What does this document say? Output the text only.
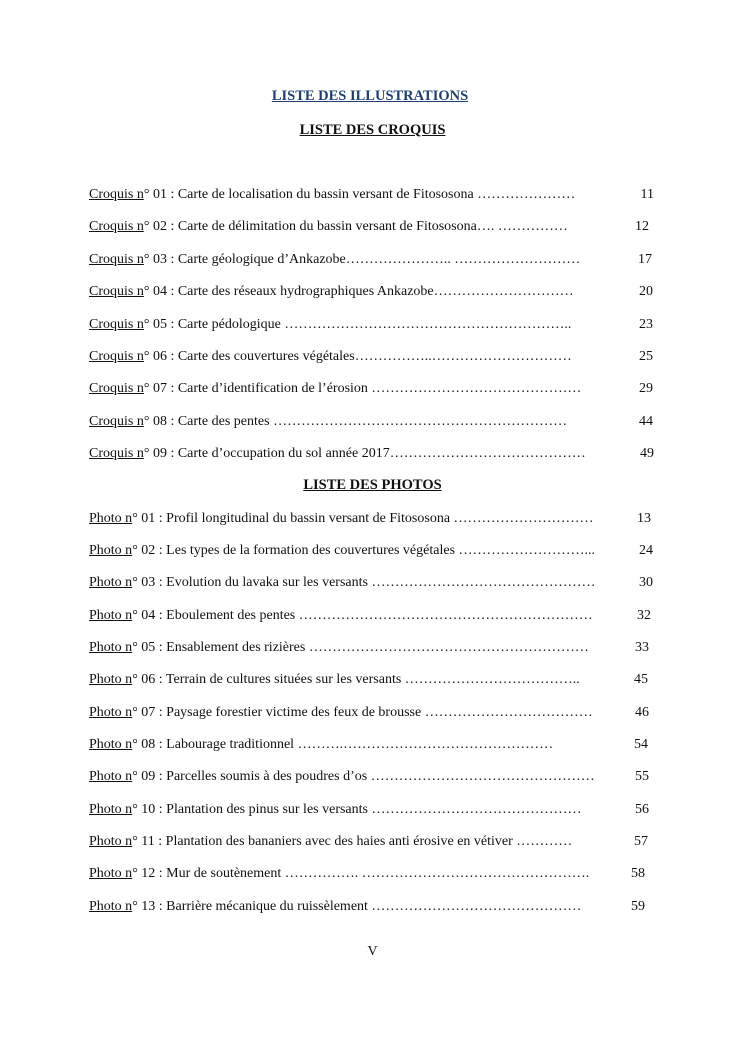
LISTE DES ILLUSTRATIONS
LISTE DES CROQUIS
Croquis n° 01 : Carte de localisation du bassin versant de Fitososona …………………	11
Croquis n° 02 : Carte de délimitation du bassin versant de Fitososona…. ……………	12
Croquis n° 03 : Carte géologique d’Ankazobe………………….. ………………………	17
Croquis n° 04 : Carte des réseaux hydrographiques Ankazobe…………………………	20
Croquis n° 05 : Carte pédologique ……………………………………………………..	23
Croquis n° 06 : Carte des couvertures végétales……………..…………………………	25
Croquis n° 07 : Carte d’identification de l’érosion ………………………………………	29
Croquis n° 08 : Carte des pentes ………………………………………………………	44
Croquis n° 09 : Carte d’occupation du sol année 2017……………………………………	49
LISTE DES PHOTOS
Photo n° 01 : Profil longitudinal du bassin versant de Fitososona …………………………	13
Photo n° 02 : Les types de la formation des couvertures végétales ………………………...	24
Photo n° 03 : Evolution du lavaka sur les versants …………………………………………	30
Photo n° 04 : Eboulement des pentes ………………………………………………………	32
Photo n° 05 : Ensablement des rizières ……………………………………………………	33
Photo n° 06 : Terrain de cultures situées sur les versants ………………………………..	45
Photo n° 07 : Paysage forestier victime des feux de brousse ………………………………	46
Photo n° 08 : Labourage traditionnel ……….………………………………………	54
Photo n° 09 : Parcelles soumis à des poudres d’os …………………………………………	55
Photo n° 10 : Plantation des pinus sur les versants ………………………………………	56
Photo n° 11 : Plantation des bananiers avec des haies anti érosive en vétiver …………	57
Photo n° 12 : Mur de soutènement ……………. ………………………………………….	58
Photo n° 13 : Barrière mécanique du ruissèlement ………………………………………	59
V
